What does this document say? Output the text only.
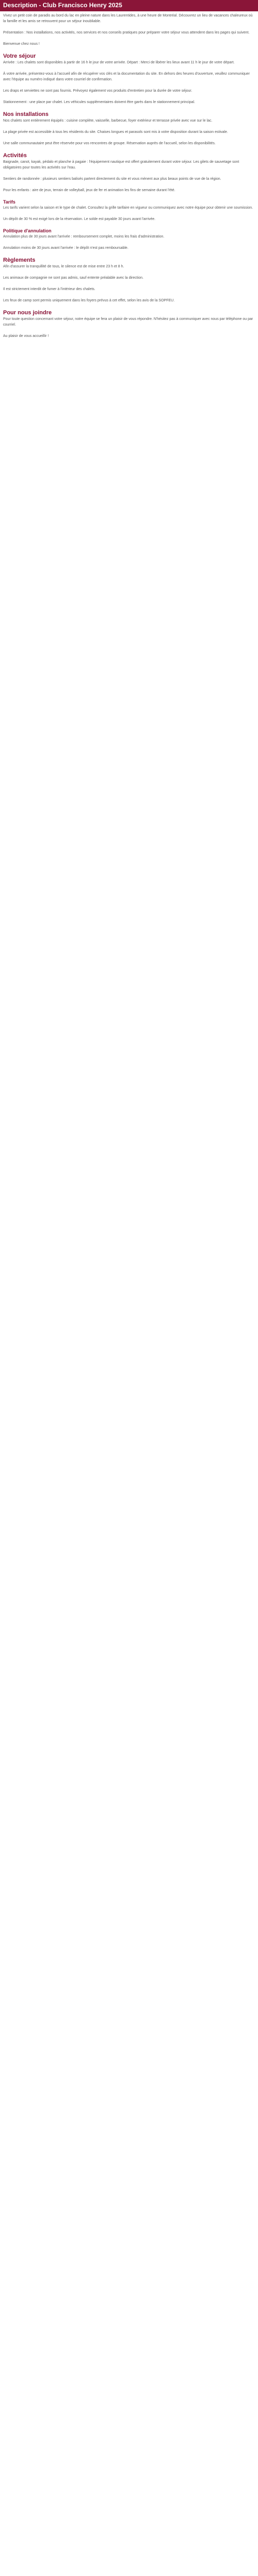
Description - Club Francisco Henry 2025

Vivez un petit coin de paradis au bord du lac en pleine nature dans les Laurentides, à une heure de Montréal. Découvrez un lieu de vacances chaleureux où la famille et les amis se retrouvent pour un séjour inoubliable.

Présentation : Nos installations, nos activités, nos services et nos conseils pratiques pour préparer votre séjour vous attendent dans les pages qui suivent.

Bienvenue chez nous !

Votre séjour

Arrivée : Les chalets sont disponibles à partir de 16 h le jour de votre arrivée. Départ : Merci de libérer les lieux avant 11 h le jour de votre départ.

À votre arrivée, présentez-vous à l'accueil afin de récupérer vos clés et la documentation du site. En dehors des heures d'ouverture, veuillez communiquer avec l'équipe au numéro indiqué dans votre courriel de confirmation.

Les draps et serviettes ne sont pas fournis. Prévoyez également vos produits d'entretien pour la durée de votre séjour.

Stationnement : une place par chalet. Les véhicules supplémentaires doivent être garés dans le stationnement principal.

Nos installations

Nos chalets sont entièrement équipés : cuisine complète, vaisselle, barbecue, foyer extérieur et terrasse privée avec vue sur le lac.

La plage privée est accessible à tous les résidents du site. Chaises longues et parasols sont mis à votre disposition durant la saison estivale.

Une salle communautaire peut être réservée pour vos rencontres de groupe. Réservation auprès de l'accueil, selon les disponibilités.

Activités

Baignade, canot, kayak, pédalo et planche à pagaie : l'équipement nautique est offert gratuitement durant votre séjour. Les gilets de sauvetage sont obligatoires pour toutes les activités sur l'eau.

Sentiers de randonnée : plusieurs sentiers balisés partent directement du site et vous mènent aux plus beaux points de vue de la région.

Pour les enfants : aire de jeux, terrain de volleyball, jeux de fer et animation les fins de semaine durant l'été.

Tarifs

Les tarifs varient selon la saison et le type de chalet. Consultez la grille tarifaire en vigueur ou communiquez avec notre équipe pour obtenir une soumission.

Un dépôt de 30 % est exigé lors de la réservation. Le solde est payable 30 jours avant l'arrivée.

Politique d'annulation

Annulation plus de 30 jours avant l'arrivée : remboursement complet, moins les frais d'administration.

Annulation moins de 30 jours avant l'arrivée : le dépôt n'est pas remboursable.

Règlements

Afin d'assurer la tranquillité de tous, le silence est de mise entre 23 h et 8 h.

Les animaux de compagnie ne sont pas admis, sauf entente préalable avec la direction.

Il est strictement interdit de fumer à l'intérieur des chalets.

Les feux de camp sont permis uniquement dans les foyers prévus à cet effet, selon les avis de la SOPFEU.

Pour nous joindre

Pour toute question concernant votre séjour, notre équipe se fera un plaisir de vous répondre. N'hésitez pas à communiquer avec nous par téléphone ou par courriel.

Au plaisir de vous accueillir !
